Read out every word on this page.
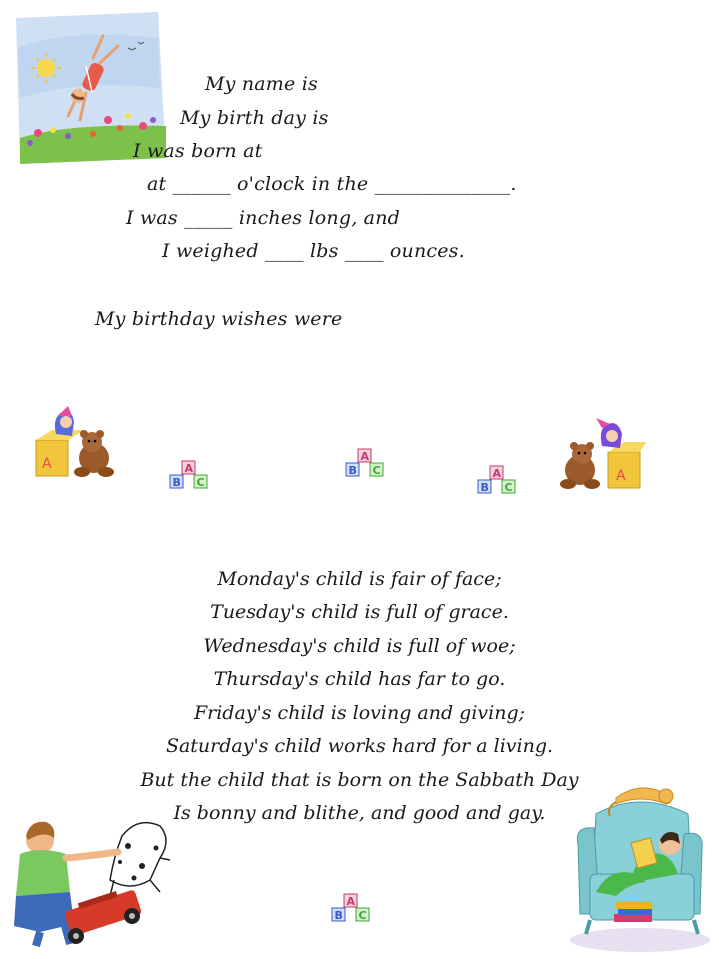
My name is
My birth day is
I was born at
at ______ o'clock in the ______________.
I was _____ inches long, and
I weighed ____ lbs ____ ounces.
My birthday wishes were
A
A
A
B C
A
B C	A
B C
Monday's child is fair of face;
Tuesday's child is full of grace.
Wednesday's child is full of woe;
Thursday's child has far to go.
Friday's child is loving and giving;
Saturday's child works hard for a living.
But the child that is born on the Sabbath Day
Is bonny and blithe, and good and gay.
A
B C
